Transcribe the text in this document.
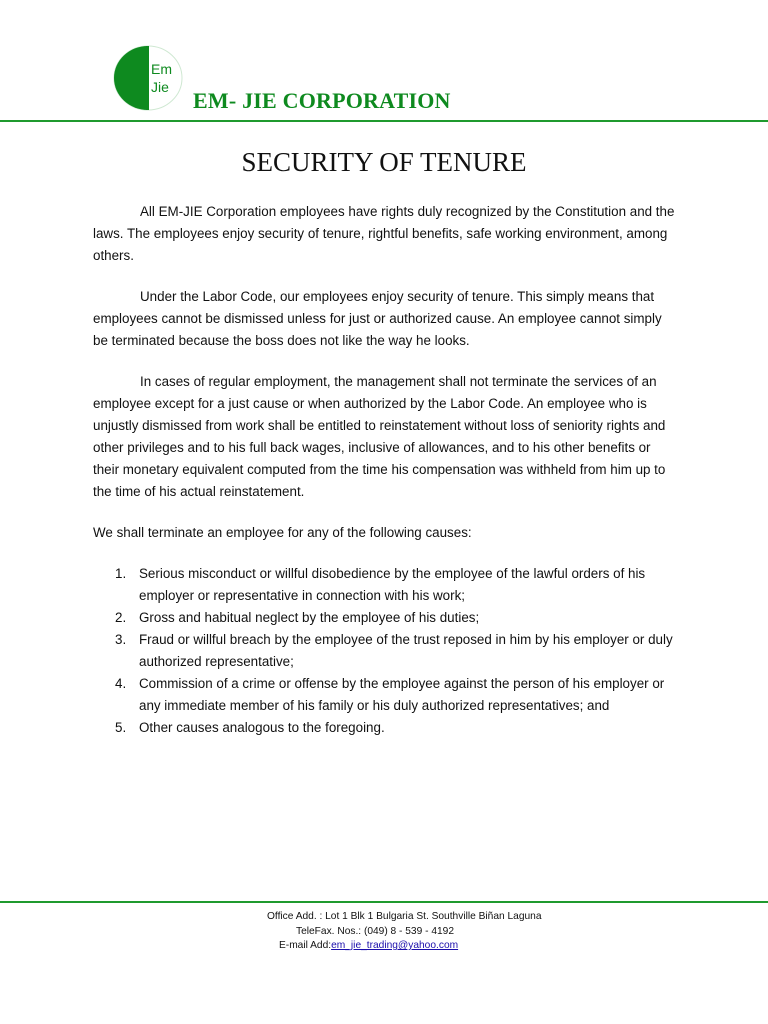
Em
Jie
EM- JIE CORPORATION
SECURITY OF TENURE

All EM-JIE Corporation employees have rights duly recognized by the Constitution and the laws. The employees enjoy security of tenure, rightful benefits, safe working environment, among others.

Under the Labor Code, our employees enjoy security of tenure. This simply means that employees cannot be dismissed unless for just or authorized cause. An employee cannot simply be terminated because the boss does not like the way he looks.

In cases of regular employment, the management shall not terminate the services of an employee except for a just cause or when authorized by the Labor Code. An employee who is unjustly dismissed from work shall be entitled to reinstatement without loss of seniority rights and other privileges and to his full back wages, inclusive of allowances, and to his other benefits or their monetary equivalent computed from the time his compensation was withheld from him up to the time of his actual reinstatement.

We shall terminate an employee for any of the following causes:

1. Serious misconduct or willful disobedience by the employee of the lawful orders of his employer or representative in connection with his work;
2. Gross and habitual neglect by the employee of his duties;
3. Fraud or willful breach by the employee of the trust reposed in him by his employer or duly authorized representative;
4. Commission of a crime or offense by the employee against the person of his employer or any immediate member of his family or his duly authorized representatives; and
5. Other causes analogous to the foregoing.
Office Add. : Lot 1 Blk 1 Bulgaria St. Southville Biñan Laguna
TeleFax. Nos.: (049) 8 - 539 - 4192
E-mail Add:em_jie_trading@yahoo.com
